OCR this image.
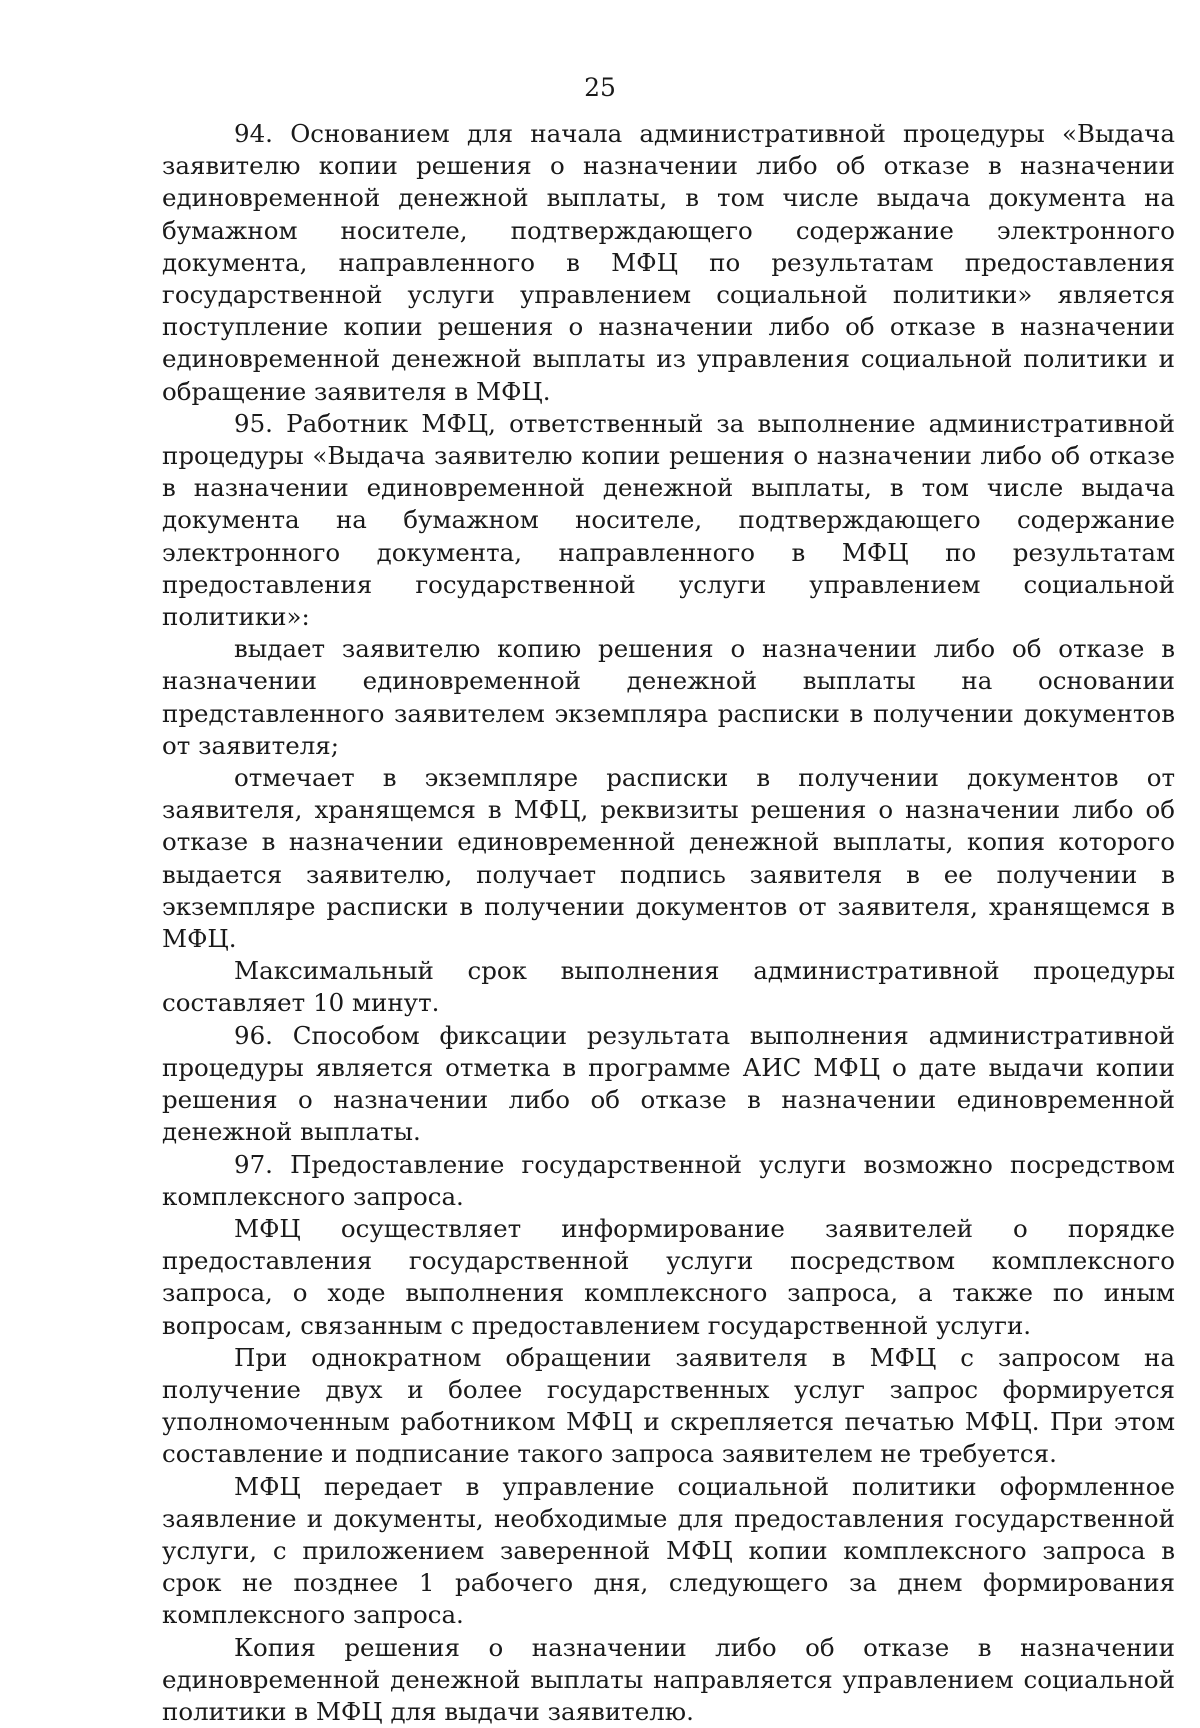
25

94. Основанием для начала административной процедуры «Выдача заявителю копии решения о назначении либо об отказе в назначении единовременной денежной выплаты, в том числе выдача документа на бумажном носителе, подтверждающего содержание электронного документа, направленного в МФЦ по результатам предоставления государственной услуги управлением социальной политики» является поступление копии решения о назначении либо об отказе в назначении единовременной денежной выплаты из управления социальной политики и обращение заявителя в МФЦ.

95. Работник МФЦ, ответственный за выполнение административной процедуры «Выдача заявителю копии решения о назначении либо об отказе в назначении единовременной денежной выплаты, в том числе выдача документа на бумажном носителе, подтверждающего содержание электронного документа, направленного в МФЦ по результатам предоставления государственной услуги управлением социальной политики»:

выдает заявителю копию решения о назначении либо об отказе в назначении единовременной денежной выплаты на основании представленного заявителем экземпляра расписки в получении документов от заявителя;

отмечает в экземпляре расписки в получении документов от заявителя, хранящемся в МФЦ, реквизиты решения о назначении либо об отказе в назначении единовременной денежной выплаты, копия которого выдается заявителю, получает подпись заявителя в ее получении в экземпляре расписки в получении документов от заявителя, хранящемся в МФЦ.

Максимальный срок выполнения административной процедуры составляет 10 минут.

96. Способом фиксации результата выполнения административной процедуры является отметка в программе АИС МФЦ о дате выдачи копии решения о назначении либо об отказе в назначении единовременной денежной выплаты.

97. Предоставление государственной услуги возможно посредством комплексного запроса.

МФЦ осуществляет информирование заявителей о порядке предоставления государственной услуги посредством комплексного запроса, о ходе выполнения комплексного запроса, а также по иным вопросам, связанным с предоставлением государственной услуги.

При однократном обращении заявителя в МФЦ с запросом на получение двух и более государственных услуг запрос формируется уполномоченным работником МФЦ и скрепляется печатью МФЦ. При этом составление и подписание такого запроса заявителем не требуется.

МФЦ передает в управление социальной политики оформленное заявление и документы, необходимые для предоставления государственной услуги, с приложением заверенной МФЦ копии комплексного запроса в срок не позднее 1 рабочего дня, следующего за днем формирования комплексного запроса.

Копия решения о назначении либо об отказе в назначении единовременной денежной выплаты направляется управлением социальной политики в МФЦ для выдачи заявителю.
